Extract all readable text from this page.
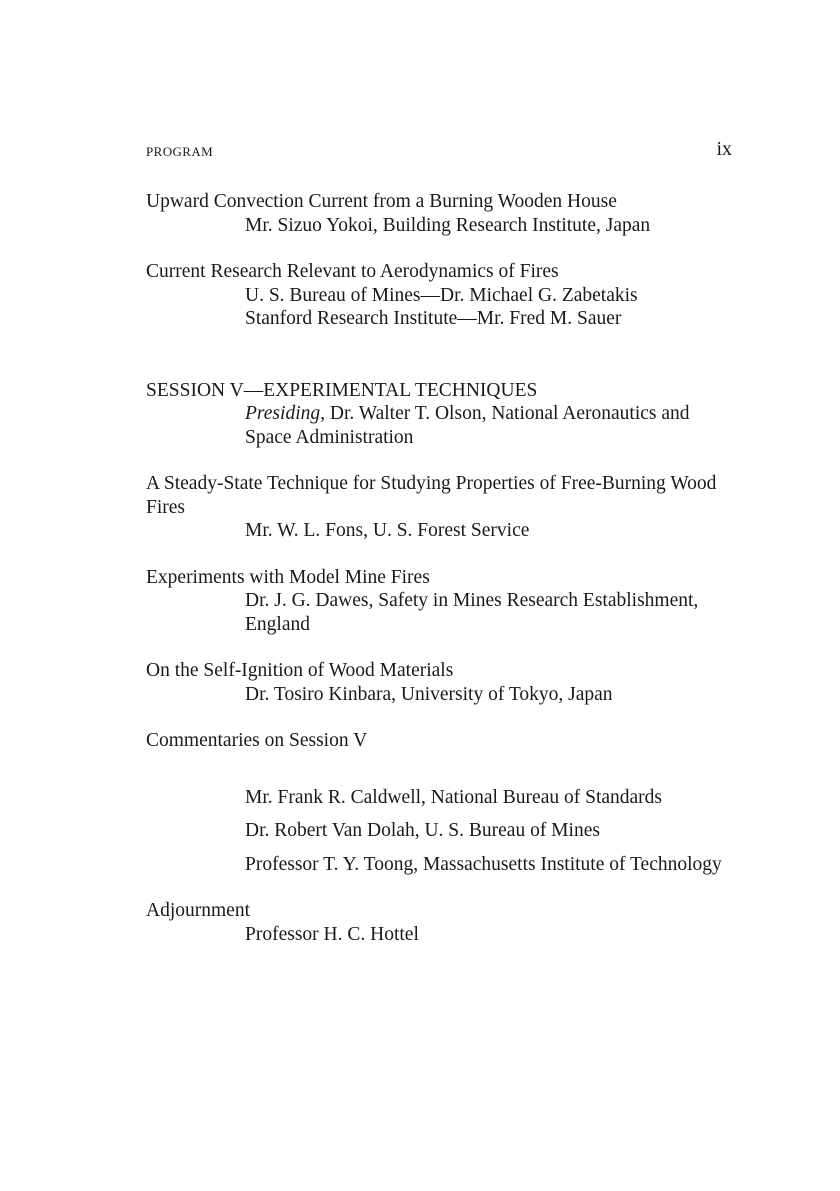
PROGRAM	ix

Upward Convection Current from a Burning Wooden House

Mr. Sizuo Yokoi, Building Research Institute, Japan

Current Research Relevant to Aerodynamics of Fires

U. S. Bureau of Mines—Dr. Michael G. Zabetakis

Stanford Research Institute—Mr. Fred M. Sauer

SESSION V—EXPERIMENTAL TECHNIQUES

Presiding, Dr. Walter T. Olson, National Aeronautics and Space Administration

A Steady-State Technique for Studying Properties of Free-Burning Wood Fires

Mr. W. L. Fons, U. S. Forest Service

Experiments with Model Mine Fires

Dr. J. G. Dawes, Safety in Mines Research Establishment, England

On the Self-Ignition of Wood Materials

Dr. Tosiro Kinbara, University of Tokyo, Japan

Commentaries on Session V

Mr. Frank R. Caldwell, National Bureau of Standards

Dr. Robert Van Dolah, U. S. Bureau of Mines

Professor T. Y. Toong, Massachusetts Institute of Technology

Adjournment

Professor H. C. Hottel
